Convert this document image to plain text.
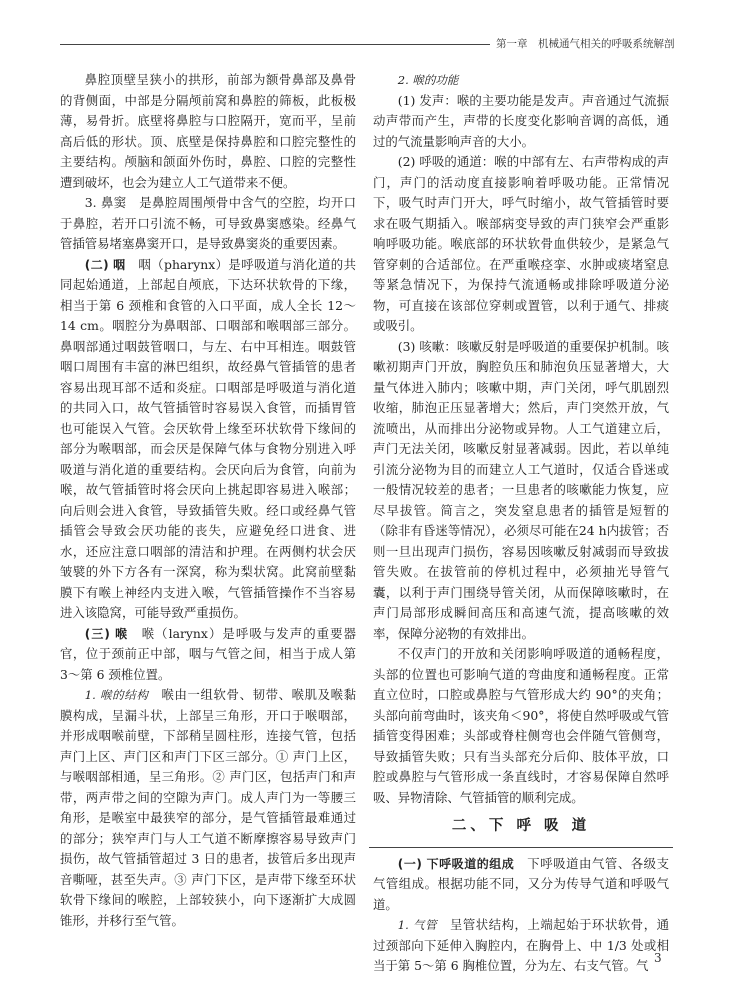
第一章　机械通气相关的呼吸系统解剖

鼻腔顶壁呈狭小的拱形，前部为额骨鼻部及鼻骨的背侧面，中部是分隔颅前窝和鼻腔的筛板，此板极薄，易骨折。底壁将鼻腔与口腔隔开，宽而平，呈前高后低的形状。顶、底壁是保持鼻腔和口腔完整性的主要结构。颅脑和颌面外伤时，鼻腔、口腔的完整性遭到破坏，也会为建立人工气道带来不便。

3. 鼻窦　是鼻腔周围颅骨中含气的空腔，均开口于鼻腔，若开口引流不畅，可导致鼻窦感染。经鼻气管插管易堵塞鼻窦开口，是导致鼻窦炎的重要因素。

(二) 咽　 咽（pharynx）是呼吸道与消化道的共同起始通道，上部起自颅底，下达环状软骨的下缘，相当于第 6 颈椎和食管的入口平面，成人全长 12～14 cm。咽腔分为鼻咽部、口咽部和喉咽部三部分。鼻咽部通过咽鼓管咽口，与左、右中耳相连。咽鼓管咽口周围有丰富的淋巴组织，故经鼻气管插管的患者容易出现耳部不适和炎症。口咽部是呼吸道与消化道的共同入口，故气管插管时容易误入食管，而插胃管也可能误入气管。会厌软骨上缘至环状软骨下缘间的部分为喉咽部，而会厌是保障气体与食物分别进入呼吸道与消化道的重要结构。会厌向后为食管，向前为喉，故气管插管时将会厌向上挑起即容易进入喉部；向后则会进入食管，导致插管失败。经口或经鼻气管插管会导致会厌功能的丧失，应避免经口进食、进水，还应注意口咽部的清洁和护理。在两侧杓状会厌皱襞的外下方各有一深窝，称为梨状窝。此窝前壁黏膜下有喉上神经内支进入喉，气管插管操作不当容易进入该隐窝，可能导致严重损伤。

(三) 喉　 喉（larynx）是呼吸与发声的重要器官，位于颈前正中部，咽与气管之间，相当于成人第 3～第 6 颈椎位置。

1. 喉的结构　 喉由一组软骨、韧带、喉肌及喉黏膜构成，呈漏斗状，上部呈三角形，开口于喉咽部，并形成咽喉前壁，下部稍呈圆柱形，连接气管，包括声门上区、声门区和声门下区三部分。① 声门上区，与喉咽部相通，呈三角形。② 声门区，包括声门和声带，两声带之间的空隙为声门。成人声门为一等腰三角形，是喉室中最狭窄的部分，是气管插管最难通过的部分；狭窄声门与人工气道不断摩擦容易导致声门损伤，故气管插管超过 3 日的患者，拔管后多出现声音嘶哑，甚至失声。③ 声门下区，是声带下缘至环状软骨下缘间的喉腔，上部较狭小，向下逐渐扩大成圆锥形，并移行至气管。

2. 喉的功能

(1) 发声：喉的主要功能是发声。声音通过气流振动声带而产生，声带的长度变化影响音调的高低，通过的气流量影响声音的大小。

(2) 呼吸的通道：喉的中部有左、右声带构成的声门，声门的活动度直接影响着呼吸功能。正常情况下，吸气时声门开大，呼气时缩小，故气管插管时要求在吸气期插入。喉部病变导致的声门狭窄会严重影响呼吸功能。喉底部的环状软骨血供较少，是紧急气管穿刺的合适部位。在严重喉痉挛、水肿或痰堵窒息等紧急情况下，为保持气流通畅或排除呼吸道分泌物，可直接在该部位穿刺或置管，以利于通气、排痰或吸引。

(3) 咳嗽：咳嗽反射是呼吸道的重要保护机制。咳嗽初期声门开放，胸腔负压和肺泡负压显著增大，大量气体进入肺内；咳嗽中期，声门关闭，呼气肌剧烈收缩，肺泡正压显著增大；然后，声门突然开放，气流喷出，从而排出分泌物或异物。人工气道建立后，声门无法关闭，咳嗽反射显著减弱。因此，若以单纯引流分泌物为目的而建立人工气道时，仅适合昏迷或一般情况较差的患者；一旦患者的咳嗽能力恢复，应尽早拔管。简言之，突发窒息患者的插管是短暂的（除非有昏迷等情况），必须尽可能在24 h内拔管；否则一旦出现声门损伤，容易因咳嗽反射减弱而导致拔管失败。在拔管前的停机过程中，必须抽光导管气囊，以利于声门围绕导管关闭，从而保障咳嗽时，在声门局部形成瞬间高压和高速气流，提高咳嗽的效率，保障分泌物的有效排出。

不仅声门的开放和关闭影响呼吸道的通畅程度，头部的位置也可影响气道的弯曲度和通畅程度。正常直立位时，口腔或鼻腔与气管形成大约 90°的夹角；头部向前弯曲时，该夹角＜90°，将使自然呼吸或气管插管变得困难；头部或脊柱侧弯也会伴随气管侧弯，导致插管失败；只有当头部充分后仰、肢体平放，口腔或鼻腔与气管形成一条直线时，才容易保障自然呼吸、异物清除、气管插管的顺利完成。

二、下 呼 吸 道

(一) 下呼吸道的组成　 下呼吸道由气管、各级支气管组成。根据功能不同，又分为传导气道和呼吸气道。

1. 气管　 呈管状结构，上端起始于环状软骨，通过颈部向下延伸入胸腔内，在胸骨上、中 1/3 处或相当于第 5～第 6 胸椎位置，分为左、右支气管。气 3
